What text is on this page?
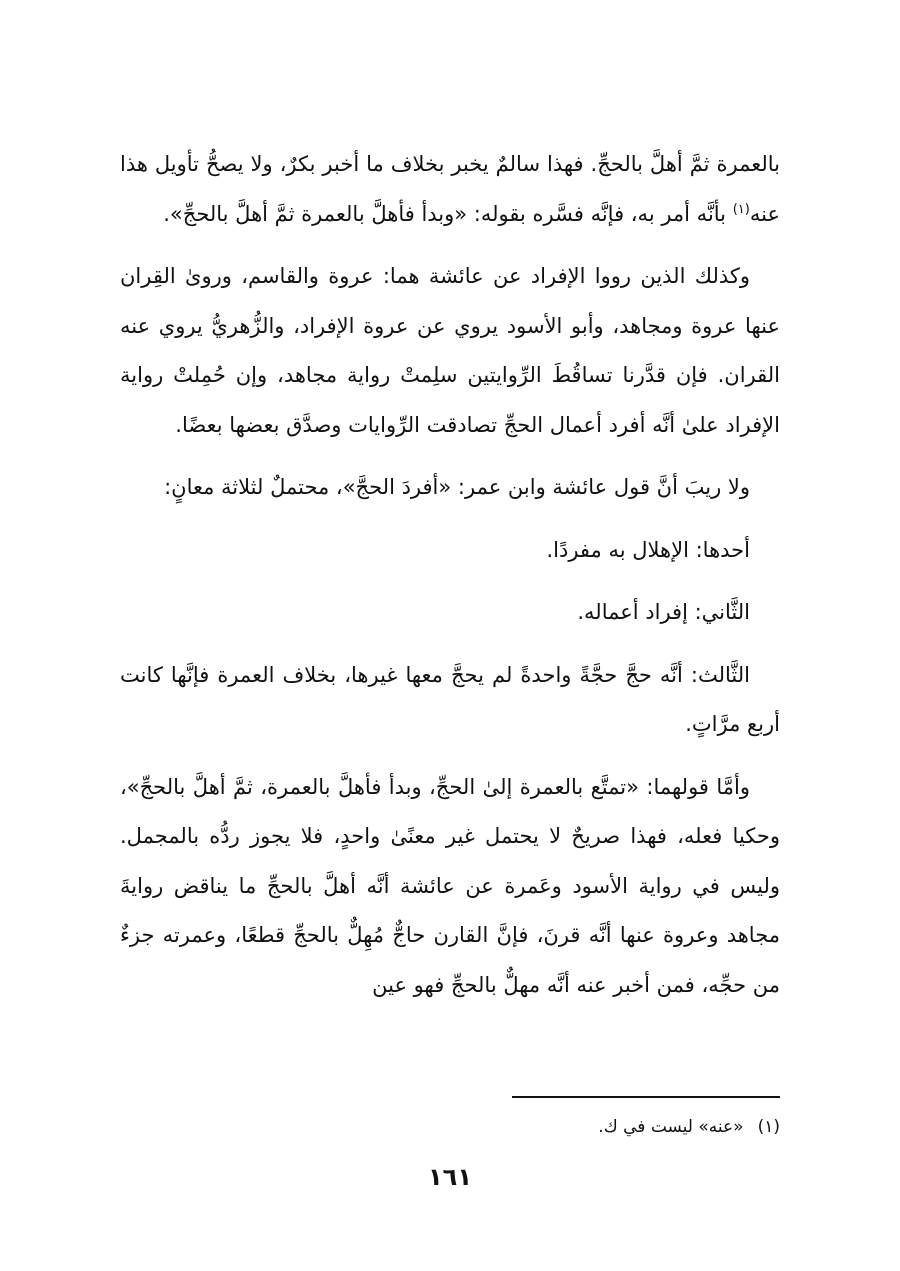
بالعمرة ثمَّ أهلَّ بالحجِّ. فهذا سالمٌ يخبر بخلاف ما أخبر بكرٌ، ولا يصحُّ تأويل هذا عنه$^{(١)}$ بأنَّه أمر به، فإنَّه فسَّره بقوله: «وبدأ فأهلَّ بالعمرة ثمَّ أهلَّ بالحجِّ».

وكذلك الذين رووا الإفراد عن عائشة هما: عروة والقاسم، وروىٰ القِران عنها عروة ومجاهد، وأبو الأسود يروي عن عروة الإفراد، والزُّهريُّ يروي عنه القران. فإن قدَّرنا تساقُطَ الرِّوايتين سلِمتْ رواية مجاهد، وإن حُمِلتْ رواية الإفراد علىٰ أنَّه أفرد أعمال الحجِّ تصادقت الرِّوايات وصدَّق بعضها بعضًا.

ولا ريبَ أنَّ قول عائشة وابن عمر: «أفردَ الحجَّ»، محتملٌ لثلاثة معانٍ:

أحدها: الإهلال به مفردًا.

الثَّاني: إفراد أعماله.

الثَّالث: أنَّه حجَّ حجَّةً واحدةً لم يحجَّ معها غيرها، بخلاف العمرة فإنَّها كانت أربع مرَّاتٍ.

وأمَّا قولهما: «تمتَّع بالعمرة إلىٰ الحجِّ، وبدأ فأهلَّ بالعمرة، ثمَّ أهلَّ بالحجِّ»، وحكيا فعله، فهذا صريحٌ لا يحتمل غير معنًىٰ واحدٍ، فلا يجوز ردُّه بالمجمل. وليس في رواية الأسود وعَمرة عن عائشة أنَّه أهلَّ بالحجِّ ما يناقض روايةَ مجاهد وعروة عنها أنَّه قرنَ، فإنَّ القارن حاجٌّ مُهِلٌّ بالحجِّ قطعًا، وعمرته جزءٌ من حجِّه، فمن أخبر عنه أنَّه مهلٌّ بالحجِّ فهو عين

(١)«عنه» ليست في ك.
١٦١
